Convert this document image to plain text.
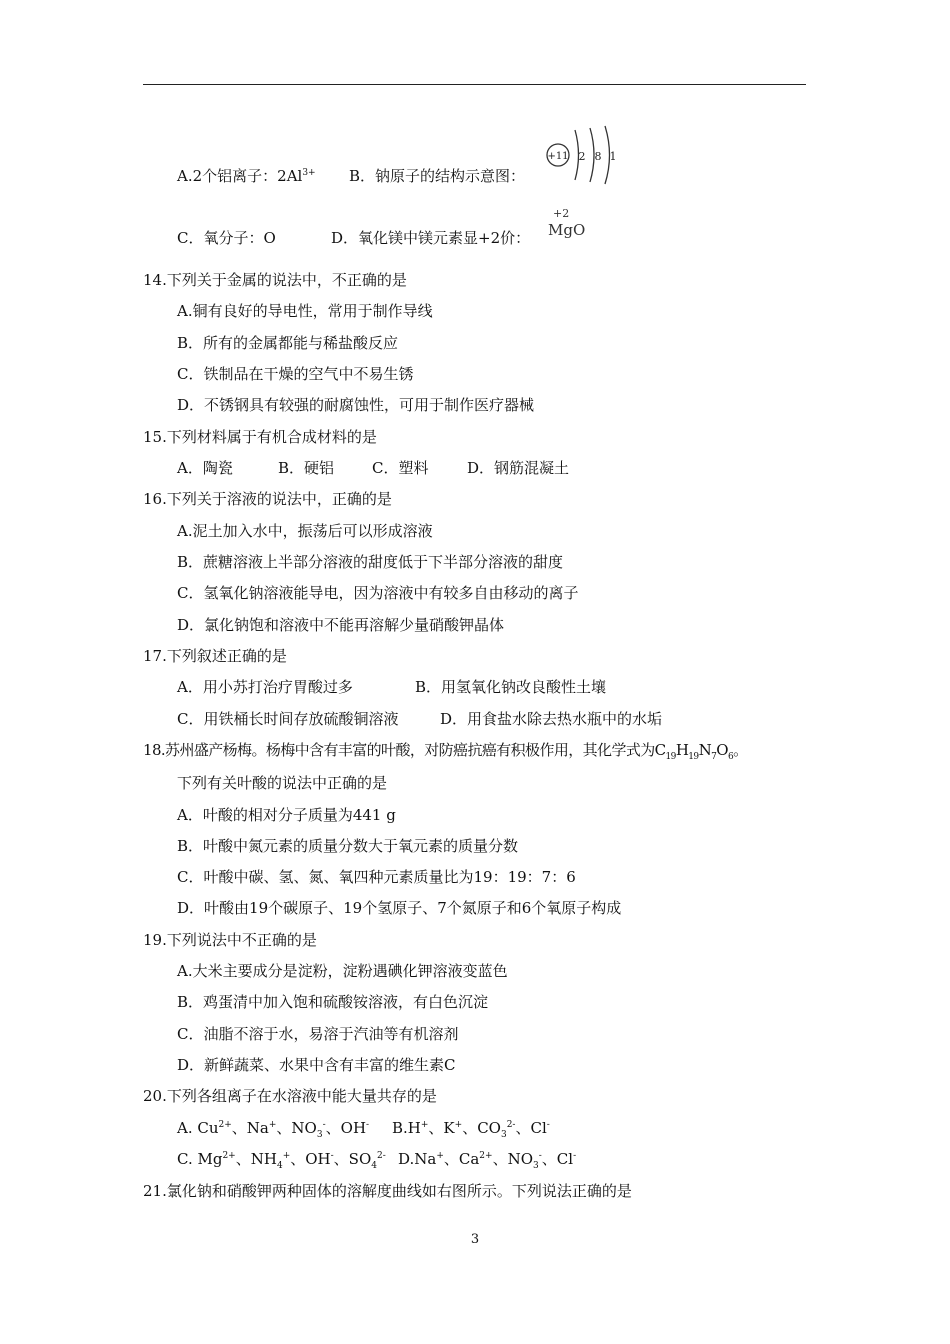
A.2个铝离子：$2Al^{3+}$ B．钠原子的结构示意图：
+11 2 8 1
C．氧分子：O	D．氧化镁中镁元素显+2价：
+2
MgO
14.下列关于金属的说法中，不正确的是
A.铜有良好的导电性，常用于制作导线
B．所有的金属都能与稀盐酸反应
C．铁制品在干燥的空气中不易生锈
D．不锈钢具有较强的耐腐蚀性，可用于制作医疗器械
15.下列材料属于有机合成材料的是
A．陶瓷	B．硬铝	C．塑料	D．钢筋混凝土
16.下列关于溶液的说法中，正确的是
A.泥土加入水中，振荡后可以形成溶液
B．蔗糖溶液上半部分溶液的甜度低于下半部分溶液的甜度
C．氢氧化钠溶液能导电，因为溶液中有较多自由移动的离子
D．氯化钠饱和溶液中不能再溶解少量硝酸钾晶体
17.下列叙述正确的是
A．用小苏打治疗胃酸过多	B．用氢氧化钠改良酸性土壤
C．用铁桶长时间存放硫酸铜溶液	D．用食盐水除去热水瓶中的水垢
18.苏州盛产杨梅。杨梅中含有丰富的叶酸，对防癌抗癌有积极作用，其化学式为$C_{19}H_{19}N_7O_6$。
下列有关叶酸的说法中正确的是
A．叶酸的相对分子质量为441 g
B．叶酸中氮元素的质量分数大于氧元素的质量分数
C．叶酸中碳、氢、氮、氧四种元素质量比为19：19：7：6
D．叶酸由19个碳原子、19个氢原子、7个氮原子和6个氧原子构成
19.下列说法中不正确的是
A.大米主要成分是淀粉，淀粉遇碘化钾溶液变蓝色
B．鸡蛋清中加入饱和硫酸铵溶液，有白色沉淀
C．油脂不溶于水，易溶于汽油等有机溶剂
D．新鲜蔬菜、水果中含有丰富的维生素C
20.下列各组离子在水溶液中能大量共存的是
A. $Cu^{2+}$、Na+、$NO_3^-$、OH- B.H+、K+、$CO_3^{2-}$、Cl-
C. $Mg^{2+}$、$NH_4^+$、OH-、$SO_4^{2-}$ D.Na+、$Ca^{2+}$、$NO_3^-$、Cl-
21.氯化钠和硝酸钾两种固体的溶解度曲线如右图所示。下列说法正确的是
3
